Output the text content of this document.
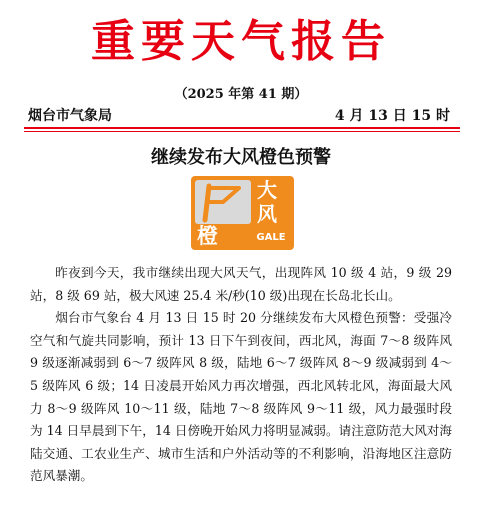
重要天气报告
（2025 年第 41 期）
烟台市气象局	4 月 13 日 15 时
继续发布大风橙色预警
大
风
橙	GALE

昨夜到今天，我市继续出现大风天气，出现阵风 10 级 4 站，9 级 29 站，8 级 69 站，极大风速 25.4 米/秒(10 级)出现在长岛北长山。

烟台市气象台 4 月 13 日 15 时 20 分继续发布大风橙色预警：受强冷空气和气旋共同影响，预计 13 日下午到夜间，西北风，海面 7～8 级阵风 9 级逐渐减弱到 6～7 级阵风 8 级，陆地 6～7 级阵风 8～9 级减弱到 4～5 级阵风 6 级；14 日凌晨开始风力再次增强，西北风转北风，海面最大风力 8～9 级阵风 10～11 级，陆地 7～8 级阵风 9～11 级，风力最强时段为 14 日早晨到下午，14 日傍晚开始风力将明显减弱。请注意防范大风对海陆交通、工农业生产、城市生活和户外活动等的不利影响，沿海地区注意防范风暴潮。
